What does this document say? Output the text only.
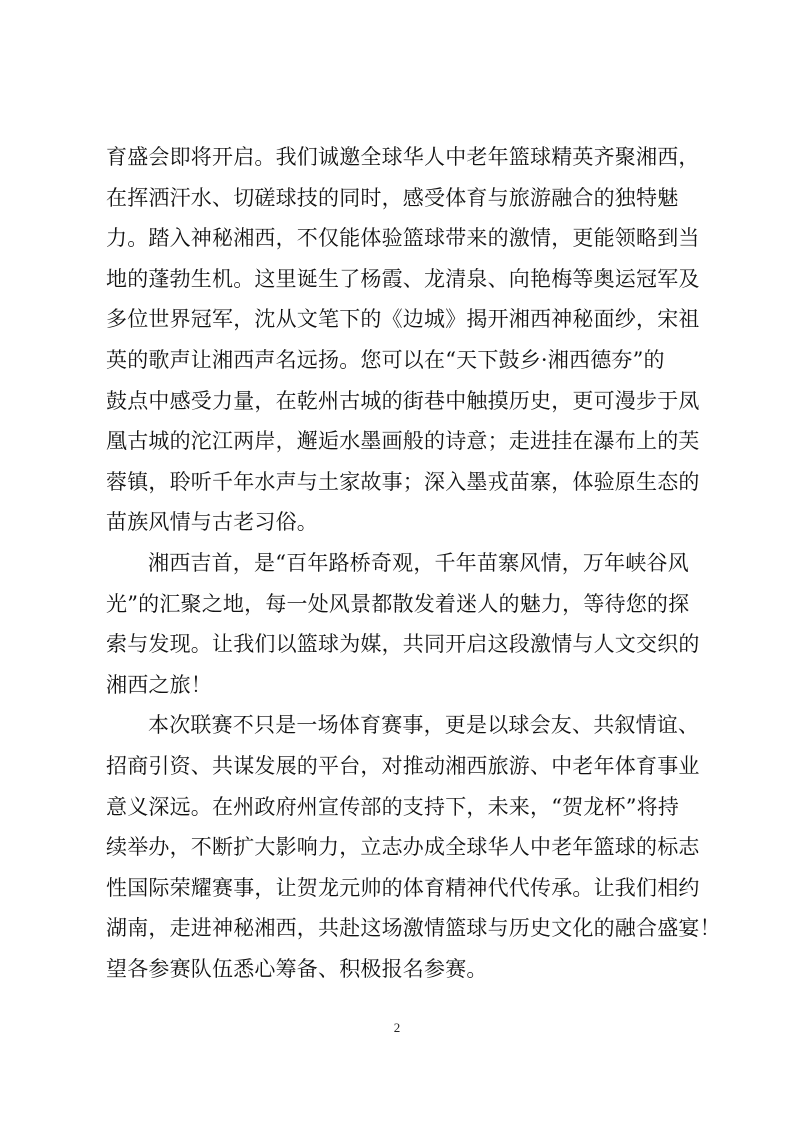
育盛会即将开启。我们诚邀全球华人中老年篮球精英齐聚湘西，
在挥洒汗水、切磋球技的同时，感受体育与旅游融合的独特魅
力。踏入神秘湘西，不仅能体验篮球带来的激情，更能领略到当
地的蓬勃生机。这里诞生了杨霞、龙清泉、向艳梅等奥运冠军及
多位世界冠军，沈从文笔下的《边城》揭开湘西神秘面纱，宋祖
英的歌声让湘西声名远扬。您可以在“天下鼓乡·湘西德夯”的
鼓点中感受力量，在乾州古城的街巷中触摸历史，更可漫步于凤
凰古城的沱江两岸，邂逅水墨画般的诗意；走进挂在瀑布上的芙
蓉镇，聆听千年水声与土家故事；深入墨戎苗寨，体验原生态的
苗族风情与古老习俗。
湘西吉首，是“百年路桥奇观，千年苗寨风情，万年峡谷风
光”的汇聚之地，每一处风景都散发着迷人的魅力，等待您的探
索与发现。让我们以篮球为媒，共同开启这段激情与人文交织的
湘西之旅！
本次联赛不只是一场体育赛事，更是以球会友、共叙情谊、
招商引资、共谋发展的平台，对推动湘西旅游、中老年体育事业
意义深远。在州政府州宣传部的支持下，未来，“贺龙杯”将持
续举办，不断扩大影响力，立志办成全球华人中老年篮球的标志
性国际荣耀赛事，让贺龙元帅的体育精神代代传承。让我们相约
湖南，走进神秘湘西，共赴这场激情篮球与历史文化的融合盛宴！
望各参赛队伍悉心筹备、积极报名参赛。
2
